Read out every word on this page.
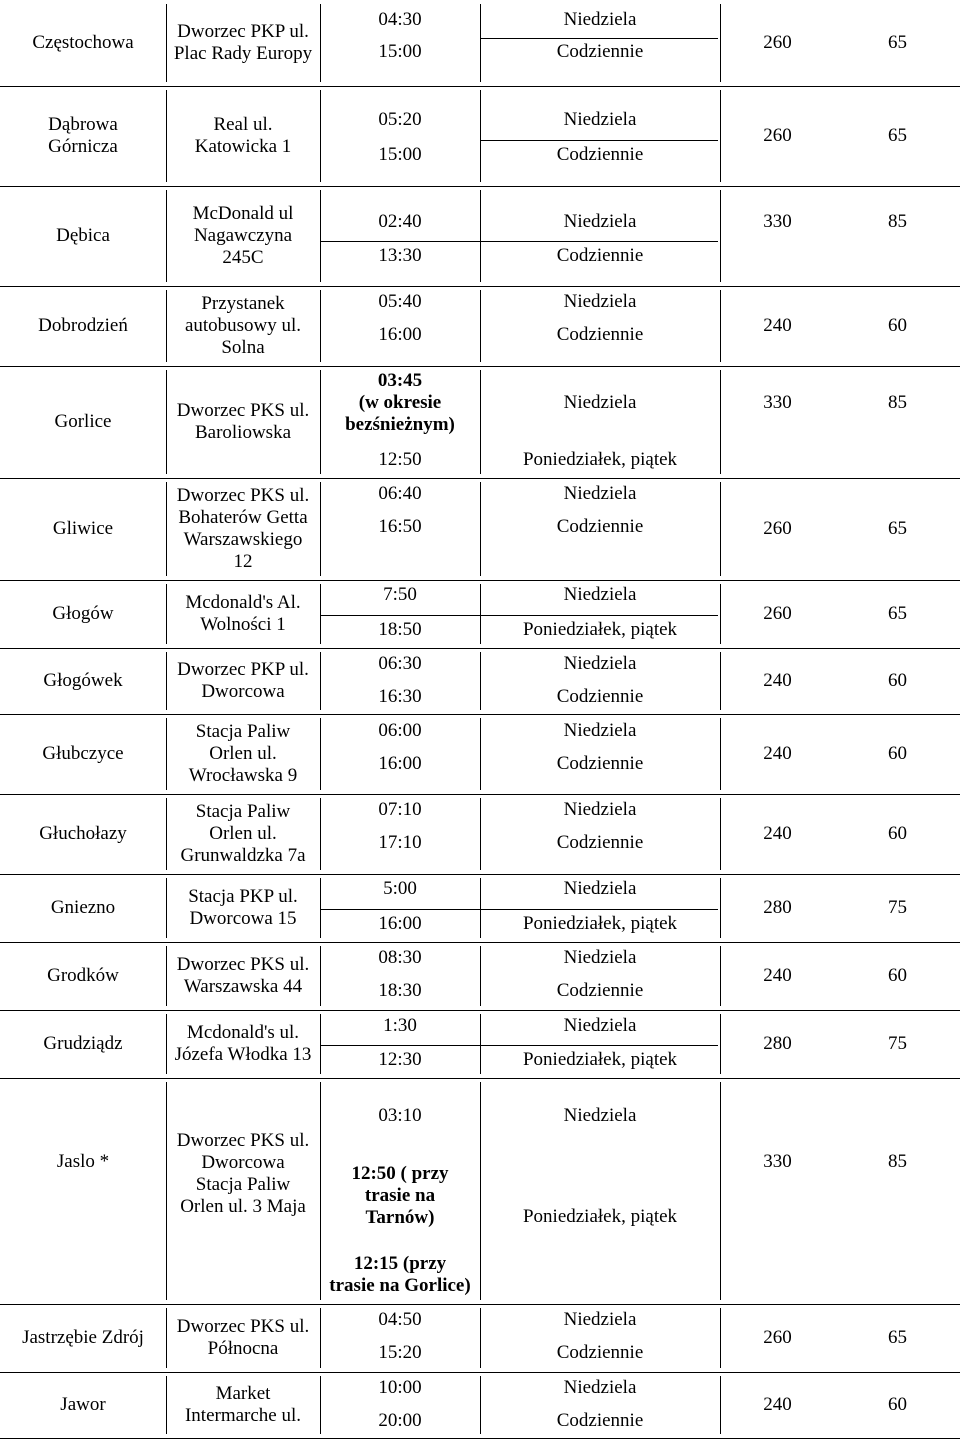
Częstochowa
Dworzec PKP ul.
Plac Rady Europy
04:30	Niedziela
15:00	Codziennie	260	65
Dąbrowa
Górnicza
Real ul.
Katowicka 1
05:20	Niedziela
15:00	Codziennie
260	65
Dębica
McDonald ul
Nagawczyna
245C
02:40	Niedziela
13:30	Codziennie
330	85
Dobrodzień
Przystanek
autobusowy ul.
Solna
05:40	Niedziela
16:00	Codziennie	240	60
Gorlice
Dworzec PKS ul.
Baroliowska
03:45
(w okresie
bezśnieżnym)
Niedziela
12:50	Poniedziałek, piątek
330	85
Gliwice
Dworzec PKS ul.
Bohaterów Getta
Warszawskiego
12
06:40	Niedziela
16:50	Codziennie	260	65
Głogów
Mcdonald's Al.
Wolności 1
7:50	Niedziela
18:50	Poniedziałek, piątek
260	65
Głogówek
Dworzec PKP ul.
Dworcowa
06:30	Niedziela
16:30	Codziennie
240	60
Głubczyce
Stacja Paliw
Orlen ul.
Wrocławska 9
06:00	Niedziela
16:00	Codziennie	240	60
Głuchołazy
Stacja Paliw
Orlen ul.
Grunwaldzka 7a
07:10	Niedziela
17:10	Codziennie	240	60
Gniezno
Stacja PKP ul.
Dworcowa 15
5:00	Niedziela
16:00	Poniedziałek, piątek
280	75
Grodków
Dworzec PKS ul.
Warszawska 44
08:30	Niedziela
18:30	Codziennie
240	60
Grudziądz
Mcdonald's ul.
Józefa Włodka 13
1:30	Niedziela
12:30	Poniedziałek, piątek
280	75
Jaslo *
Dworzec PKS ul.
Dworcowa
Stacja Paliw
Orlen ul. 3 Maja
03:10	Niedziela
12:50 ( przy
trasie na
Tarnów)	Poniedziałek, piątek
12:15 (przy
trasie na Gorlice)
330	85
Jastrzębie Zdrój
Dworzec PKS ul.
Północna
04:50	Niedziela
15:20	Codziennie
260	65
Jawor
Market
Intermarche ul.
10:00	Niedziela
20:00	Codziennie
240	60
